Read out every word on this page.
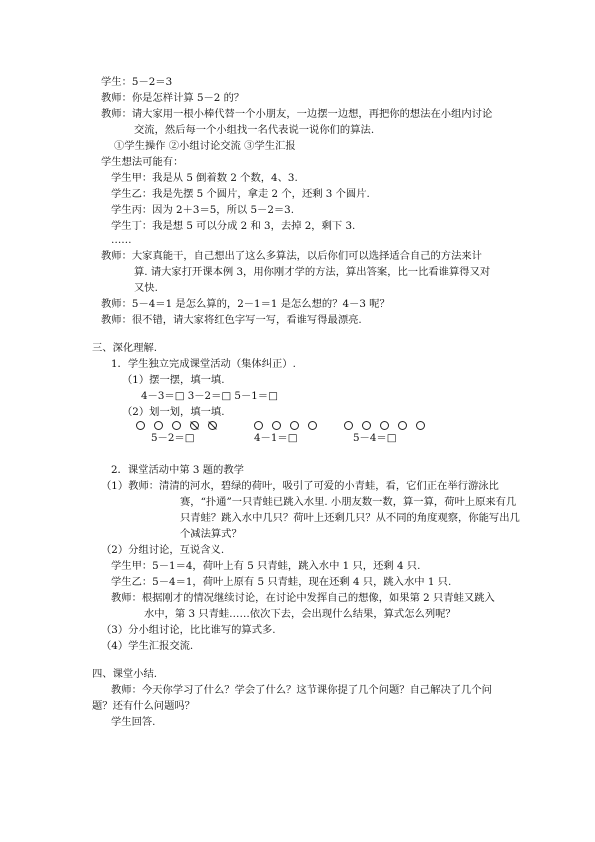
学生：5－2＝3
教师：你是怎样计算 5－2 的？
教师：请大家用一根小棒代替一个小朋友，一边摆一边想，再把你的想法在小组内讨论
交流，然后每一个小组找一名代表说一说你们的算法.
①学生操作 ②小组讨论交流 ③学生汇报
学生想法可能有：
学生甲：我是从 5 倒着数 2 个数，4、3.
学生乙：我是先摆 5 个圆片，拿走 2 个，还剩 3 个圆片.
学生丙：因为 2＋3＝5，所以 5－2＝3.
学生丁：我是想 5 可以分成 2 和 3，去掉 2，剩下 3.
……
教师：大家真能干，自己想出了这么多算法，以后你们可以选择适合自己的方法来计
算. 请大家打开课本例 3，用你刚才学的方法，算出答案，比一比看谁算得又对
又快.
教师：5－4＝1 是怎么算的，2－1＝1 是怎么想的？4－3 呢？
教师：很不错，请大家将红色字写一写，看谁写得最漂亮.
三、深化理解.
1．学生独立完成课堂活动（集体纠正）.
（1）摆一摆，填一填.
4－3＝□ 3－2＝□ 5－1＝□
（2）划一划，填一填.
5－2＝□	4－1＝□	5－4＝□
2．课堂活动中第 3 题的教学
（1）教师：清清的河水，碧绿的荷叶，吸引了可爱的小青蛙，看，它们正在举行游泳比
赛，“扑通”一只青蛙已跳入水里. 小朋友数一数，算一算，荷叶上原来有几
只青蛙？跳入水中几只？荷叶上还剩几只？从不同的角度观察，你能写出几
个减法算式？
（2）分组讨论，互说含义.
学生甲：5－1＝4，荷叶上有 5 只青蛙，跳入水中 1 只，还剩 4 只.
学生乙：5－4＝1，荷叶上原有 5 只青蛙，现在还剩 4 只，跳入水中 1 只.
教师：根据刚才的情况继续讨论，在讨论中发挥自己的想像，如果第 2 只青蛙又跳入
水中，第 3 只青蛙……依次下去，会出现什么结果，算式怎么列呢？
（3）分小组讨论，比比谁写的算式多.
（4）学生汇报交流.
四、课堂小结.
教师：今天你学习了什么？学会了什么？这节课你提了几个问题？自己解决了几个问
题？还有什么问题吗？
学生回答.
